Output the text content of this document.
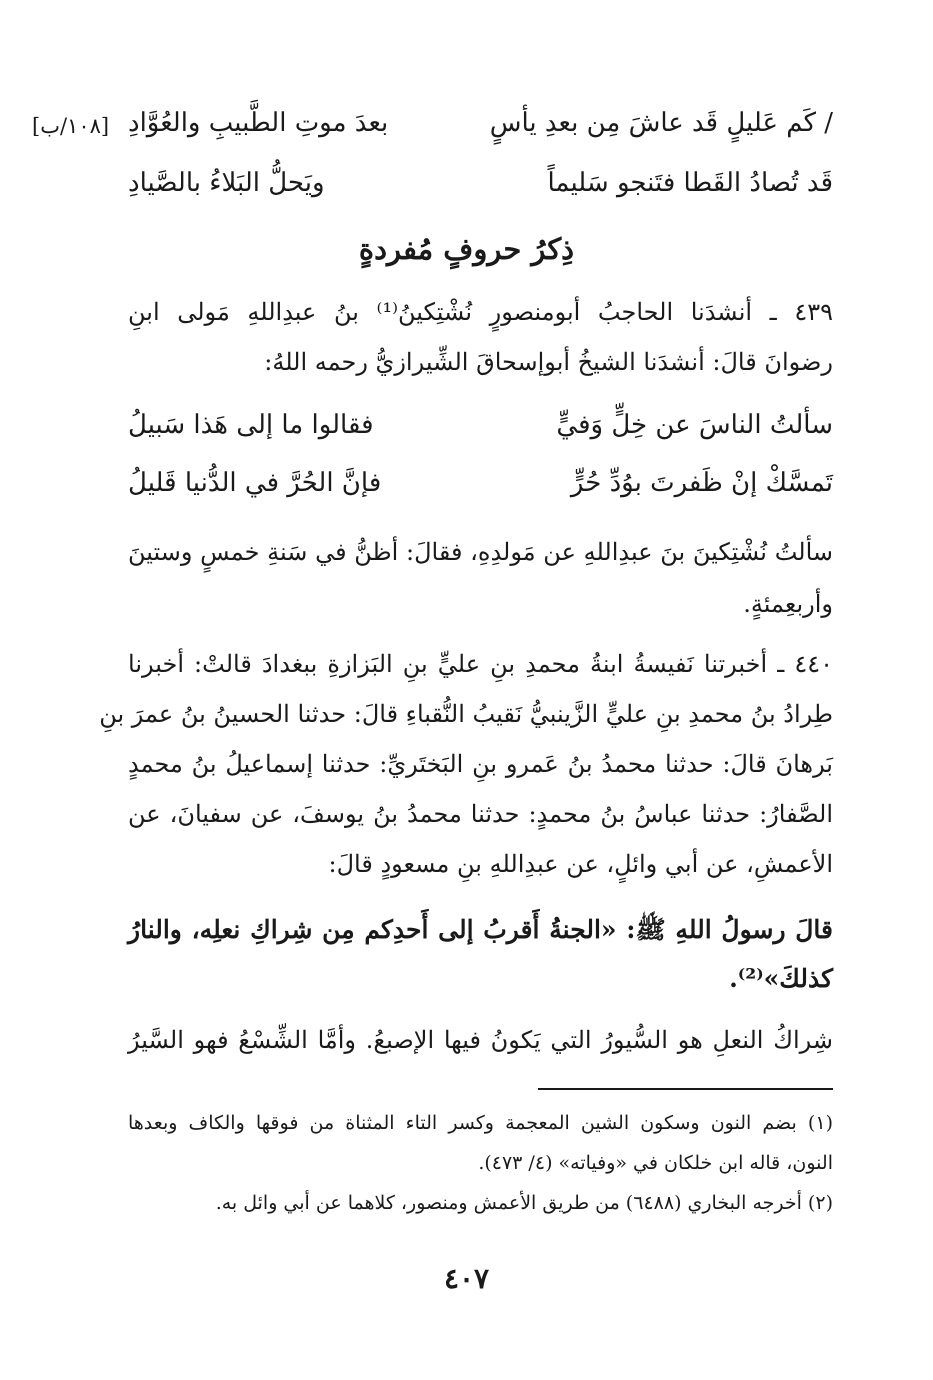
[١٠٨/ب]	/ كَم عَليلٍ قَد عاشَ مِن بعدِ يأسٍ
بعدَ موتِ الطَّبيبِ والعُوَّادِ
قَد تُصادُ القَطا فتَنجو سَليماً
ويَحلُّ البَلاءُ بالصَّيادِ
ذِكرُ حروفٍ مُفردةٍ
٤٣٩ ـ أنشدَنا الحاجبُ أبومنصورٍ نُشْتِكينُ⁽¹⁾ بنُ عبدِاللهِ مَولى ابنِ
رضوانَ قالَ: أنشدَنا الشيخُ أبوإسحاقَ الشِّيرازيُّ رحمه اللهُ:
سألتُ الناسَ عن خِلٍّ وَفيٍّ
فقالوا ما إلى هَذا سَبيلُ
تَمسَّكْ إنْ ظَفرتَ بوُدِّ حُرٍّ
فإنَّ الحُرَّ في الدُّنيا قَليلُ
سألتُ نُشْتِكينَ بنَ عبدِاللهِ عن مَولدِهِ، فقالَ: أظنُّ في سَنةِ خمسٍ وستينَ
وأربعِمئةٍ.
٤٤٠ ـ أخبرتنا نَفيسةُ ابنةُ محمدِ بنِ عليٍّ بنِ البَزازةِ ببغدادَ قالتْ: أخبرنا
طِرادُ بنُ محمدِ بنِ عليٍّ الزَّينبيُّ نَقيبُ النُّقباءِ قالَ: حدثنا الحسينُ بنُ عمرَ بنِ
بَرهانَ قالَ: حدثنا محمدُ بنُ عَمرو بنِ البَختَريِّ: حدثنا إسماعيلُ بنُ محمدٍ
الصَّفارُ: حدثنا عباسُ بنُ محمدٍ: حدثنا محمدُ بنُ يوسفَ، عن سفيانَ، عن
الأعمشِ، عن أبي وائلٍ، عن عبدِاللهِ بنِ مسعودٍ قالَ:
قالَ رسولُ اللهِ ﷺ: «الجنةُ أَقربُ إلى أَحدِكم مِن شِراكِ نعلِه، والنارُ
كذلكَ»⁽²⁾.
شِراكُ النعلِ هو السُّيورُ التي يَكونُ فيها الإصبعُ. وأمَّا الشِّسْعُ فهو السَّيرُ
(١) بضم النون وسكون الشين المعجمة وكسر التاء المثناة من فوقها والكاف وبعدها
النون، قاله ابن خلكان في «وفياته» (٤/ ٤٧٣).
(٢) أخرجه البخاري (٦٤٨٨) من طريق الأعمش ومنصور، كلاهما عن أبي وائل به.
٤٠٧
